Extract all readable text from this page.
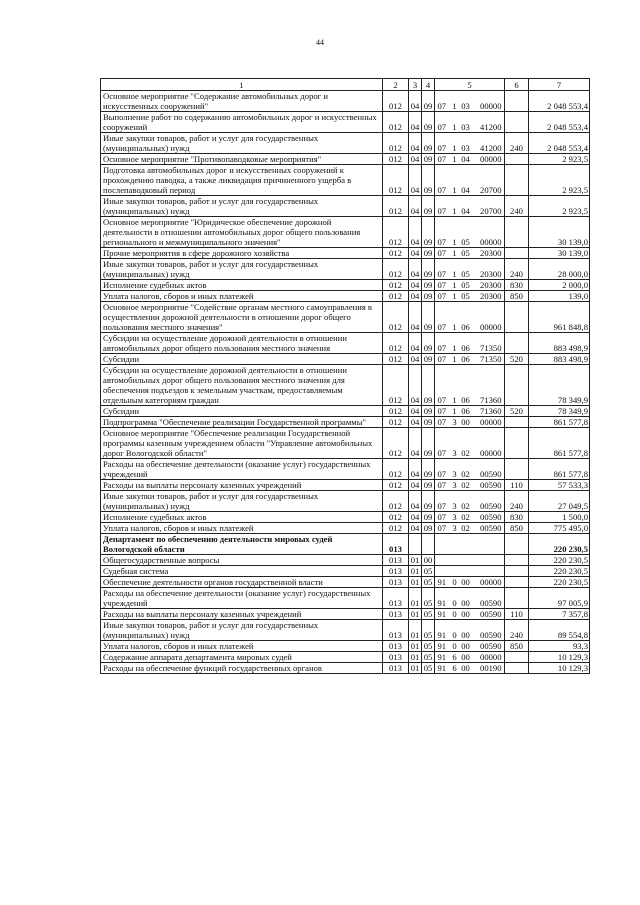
44
1	2	3	4	5	6	7
Основное мероприятие "Содержание автомобильных дорог и искусственных сооружений"	012	04	09	07 1 03 00000		2 048 553,4
Выполнение работ по содержанию автомобильных дорог и искусственных сооружений	012	04	09	07 1 03 41200		2 048 553,4
Иные закупки товаров, работ и услуг для государственных (муниципальных) нужд	012	04	09	07 1 03 41200	240	2 048 553,4
Основное мероприятие "Противопаводковые мероприятия"	012	04	09	07 1 04 00000		2 923,5
Подготовка автомобильных дорог и искусственных сооружений к прохождению паводка, а также ликвидация причиненного ущерба в послепаводковый период	012	04	09	07 1 04 20700		2 923,5
Иные закупки товаров, работ и услуг для государственных (муниципальных) нужд	012	04	09	07 1 04 20700	240	2 923,5
Основное мероприятие "Юридическое обеспечение дорожной деятельности в отношении автомобильных дорог общего пользования регионального и межмуниципального значения"	012	04	09	07 1 05 00000		30 139,0
Прочие мероприятия в сфере дорожного хозяйства	012	04	09	07 1 05 20300		30 139,0
Иные закупки товаров, работ и услуг для государственных (муниципальных) нужд	012	04	09	07 1 05 20300	240	28 000,0
Исполнение судебных актов	012	04	09	07 1 05 20300	830	2 000,0
Уплата налогов, сборов и иных платежей	012	04	09	07 1 05 20300	850	139,0
Основное мероприятие "Содействие органам местного самоуправления в осуществлении дорожной деятельности в отношении дорог общего пользования местного значения"	012	04	09	07 1 06 00000		961 848,8
Субсидии на осуществление дорожной деятельности в отношении автомобильных дорог общего пользования местного значения	012	04	09	07 1 06 71350		883 498,9
Субсидии	012	04	09	07 1 06 71350	520	883 498,9
Субсидии на осуществление дорожной деятельности в отношении автомобильных дорог общего пользования местного значения для обеспечения подъездов к земельным участкам, предоставляемым отдельным категориям граждан	012	04	09	07 1 06 71360		78 349,9
Субсидии	012	04	09	07 1 06 71360	520	78 349,9
Подпрограмма "Обеспечение реализации Государственной программы"	012	04	09	07 3 00 00000		861 577,8
Основное мероприятие "Обеспечение реализации Государственной программы казенным учреждением области "Управление автомобильных дорог Вологодской области"	012	04	09	07 3 02 00000		861 577,8
Расходы на обеспечение деятельности (оказание услуг) государственных учреждений	012	04	09	07 3 02 00590		861 577,8
Расходы на выплаты персоналу казенных учреждений	012	04	09	07 3 02 00590	110	57 533,3
Иные закупки товаров, работ и услуг для государственных (муниципальных) нужд	012	04	09	07 3 02 00590	240	27 049,5
Исполнение судебных актов	012	04	09	07 3 02 00590	830	1 500,0
Уплата налогов, сборов и иных платежей	012	04	09	07 3 02 00590	850	775 495,0
Департамент по обеспечению деятельности мировых судей Вологодской области	013					220 230,5
Общегосударственные вопросы	013	01	00			220 230,5
Судебная система	013	01	05			220 230,5
Обеспечение деятельности органов государственной власти	013	01	05	91 0 00 00000		220 230,5
Расходы на обеспечение деятельности (оказание услуг) государственных учреждений	013	01	05	91 0 00 00590		97 005,9
Расходы на выплаты персоналу казенных учреждений	013	01	05	91 0 00 00590	110	7 357,8
Иные закупки товаров, работ и услуг для государственных (муниципальных) нужд	013	01	05	91 0 00 00590	240	89 554,8
Уплата налогов, сборов и иных платежей	013	01	05	91 0 00 00590	850	93,3
Содержание аппарата департамента мировых судей	013	01	05	91 6 00 00000		10 129,3
Расходы на обеспечение функций государственных органов	013	01	05	91 6 00 00190		10 129,3
